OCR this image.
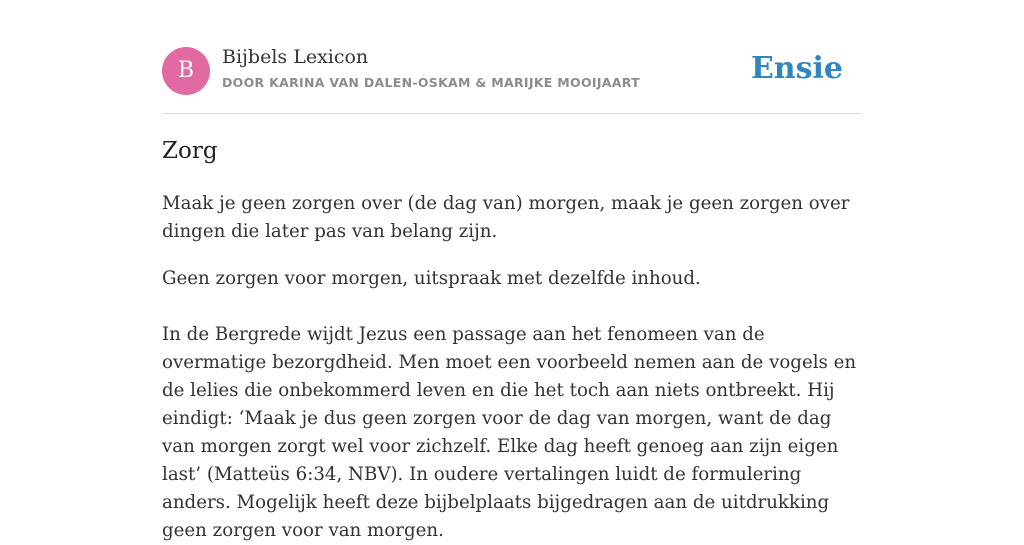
B
Bijbels Lexicon
DOOR KARINA VAN DALEN-OSKAM & MARIJKE MOOIJAART	Ensie
Zorg

Maak je geen zorgen over (de dag van) morgen, maak je geen zorgen over dingen die later pas van belang zijn.

Geen zorgen voor morgen, uitspraak met dezelfde inhoud.

In de Bergrede wijdt Jezus een passage aan het fenomeen van de overmatige bezorgdheid. Men moet een voorbeeld nemen aan de vogels en de lelies die onbekommerd leven en die het toch aan niets ontbreekt. Hij eindigt: ‘Maak je dus geen zorgen voor de dag van morgen, want de dag van morgen zorgt wel voor zichzelf. Elke dag heeft genoeg aan zijn eigen last’ (Matteüs 6:34, NBV). In oudere vertalingen luidt de formulering anders. Mogelijk heeft deze bijbelplaats bijgedragen aan de uitdrukking geen zorgen voor van morgen.
